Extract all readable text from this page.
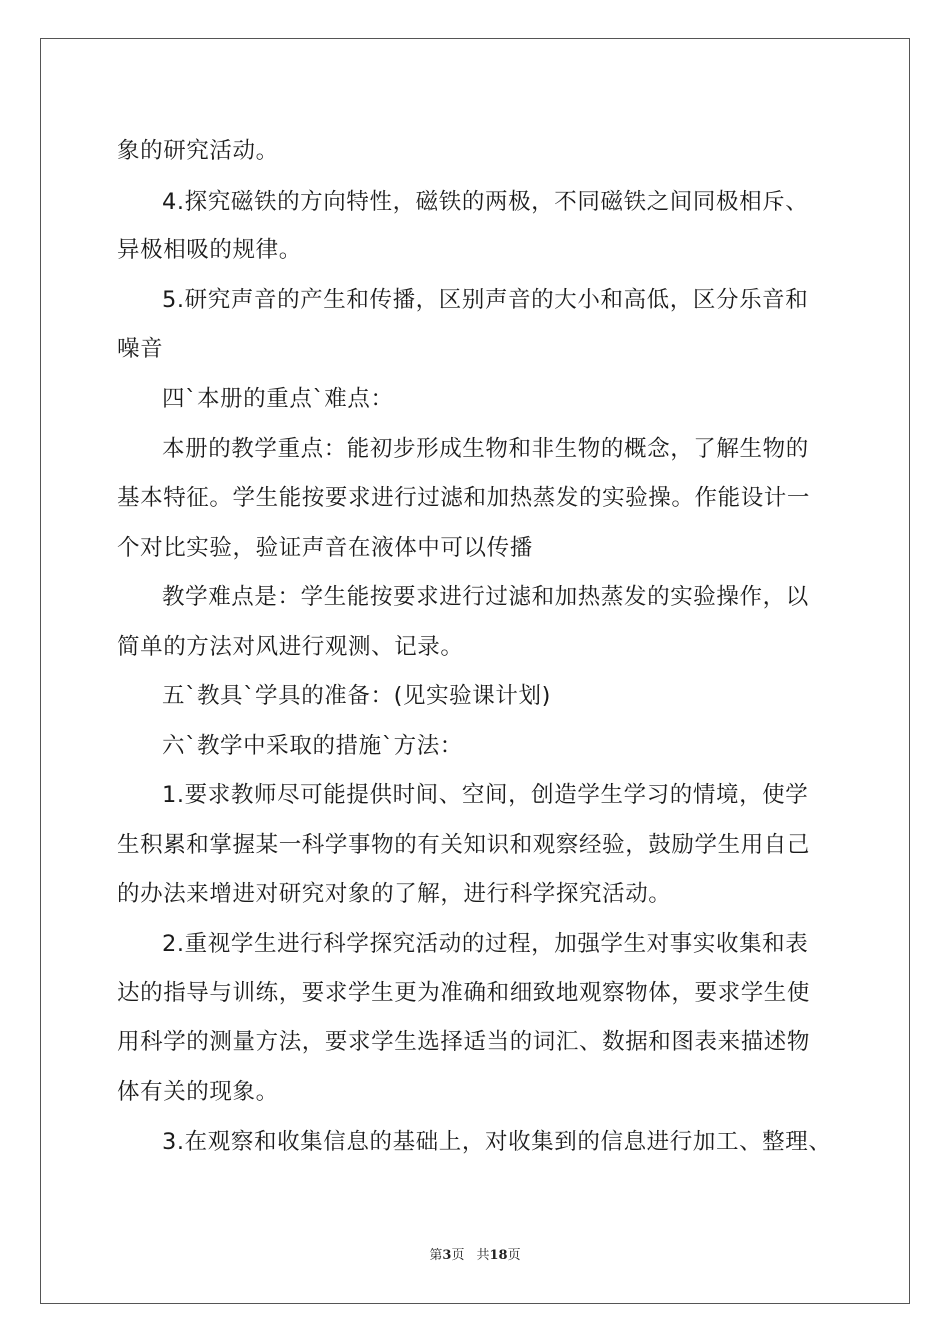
象的研究活动。
4.探究磁铁的方向特性，磁铁的两极，不同磁铁之间同极相斥、
异极相吸的规律。
5.研究声音的产生和传播，区别声音的大小和高低，区分乐音和
噪音
四`本册的重点`难点：
本册的教学重点：能初步形成生物和非生物的概念，了解生物的
基本特征。学生能按要求进行过滤和加热蒸发的实验操。作能设计一
个对比实验，验证声音在液体中可以传播
教学难点是：学生能按要求进行过滤和加热蒸发的实验操作，以
简单的方法对风进行观测、记录。
五`教具`学具的准备：(见实验课计划)
六`教学中采取的措施`方法：
1.要求教师尽可能提供时间、空间，创造学生学习的情境，使学
生积累和掌握某一科学事物的有关知识和观察经验，鼓励学生用自己
的办法来增进对研究对象的了解，进行科学探究活动。
2.重视学生进行科学探究活动的过程，加强学生对事实收集和表
达的指导与训练，要求学生更为准确和细致地观察物体，要求学生使
用科学的测量方法，要求学生选择适当的词汇、数据和图表来描述物
体有关的现象。
3.在观察和收集信息的基础上，对收集到的信息进行加工、整理、
第3页 共18页
